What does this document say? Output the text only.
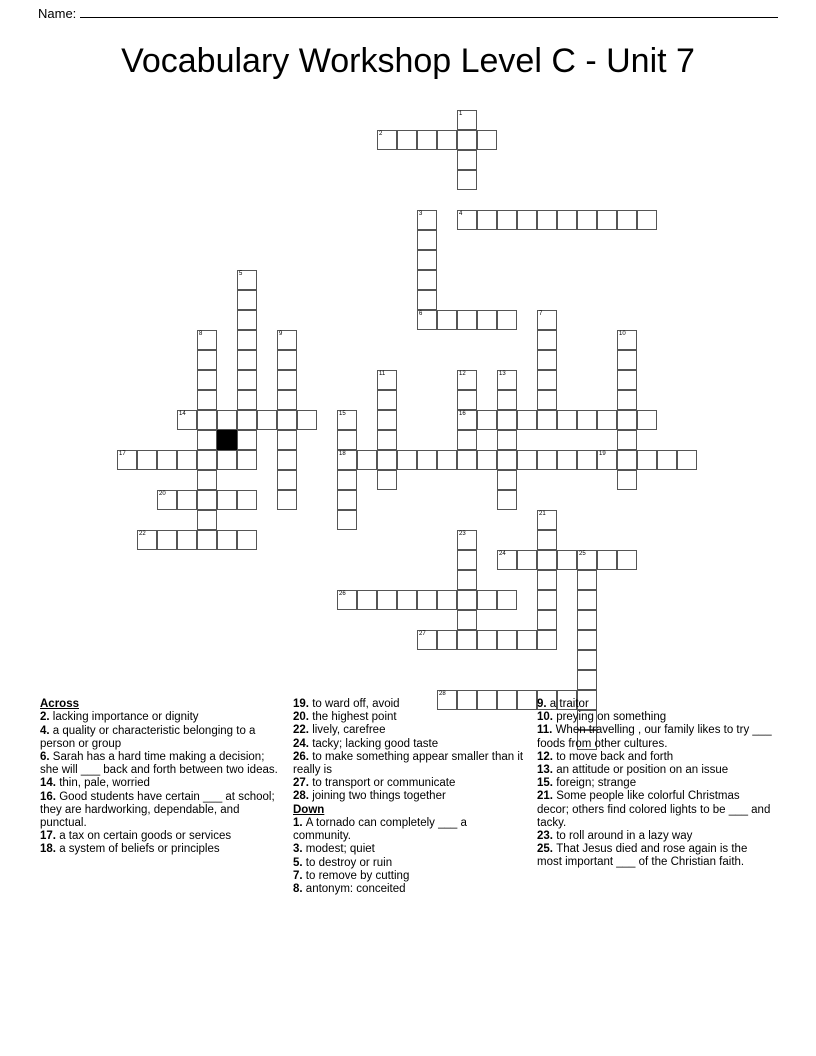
Name:
Vocabulary Workshop Level C - Unit 7
1
2
3	4
5
6	7
8	9	10
11	12
16
13
14	15
18
17	19
20
21
22	23
24	25
26
27
28
Across
2. lacking importance or dignity
4. a quality or characteristic belonging to a person or group
6. Sarah has a hard time making a decision; she will ___ back and forth between two ideas.
14. thin, pale, worried
16. Good students have certain ___ at school; they are hardworking, dependable, and punctual.
17. a tax on certain goods or services
18. a system of beliefs or principles
19. to ward off, avoid
20. the highest point
22. lively, carefree
24. tacky; lacking good taste
26. to make something appear smaller than it really is
27. to transport or communicate
28. joining two things together
Down
1. A tornado can completely ___ a community.
3. modest; quiet
5. to destroy or ruin
7. to remove by cutting
8. antonym: conceited
9. a traitor
10. preying on something
11. When travelling , our family likes to try ___ foods from other cultures.
12. to move back and forth
13. an attitude or position on an issue
15. foreign; strange
21. Some people like colorful Christmas decor; others find colored lights to be ___ and tacky.
23. to roll around in a lazy way
25. That Jesus died and rose again is the most important ___ of the Christian faith.
